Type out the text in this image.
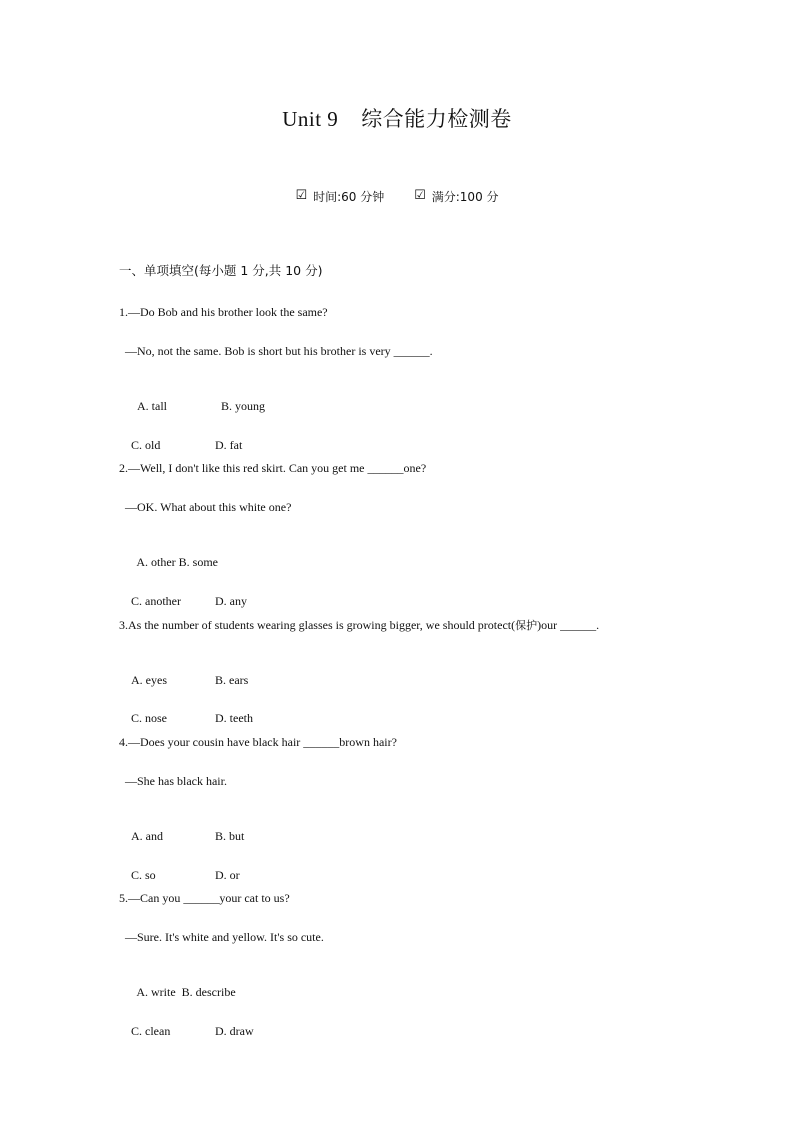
Unit 9    综合能力检测卷
☑ 时间:60 分钟 ☑ 满分:100 分
一、单项填空(每小题 1 分,共 10 分)
1.—Do Bob and his brother look the same?
—No, not the same. Bob is short but his brother is very ______.

A. tall	B. young

C. old	D. fat

2.—Well, I don't like this red skirt. Can you get me ______one?
—OK. What about this white one?

A. other B. some

C. another	D. any

3.As the number of students wearing glasses is growing bigger, we should protect(保护)our ______.

A. eyes	B. ears

C. nose	D. teeth

4.—Does your cousin have black hair ______brown hair?
—She has black hair.

A. and	B. but

C. so	D. or

5.—Can you ______your cat to us?
—Sure. It's white and yellow. It's so cute.

A. write B. describe

C. clean	D. draw
